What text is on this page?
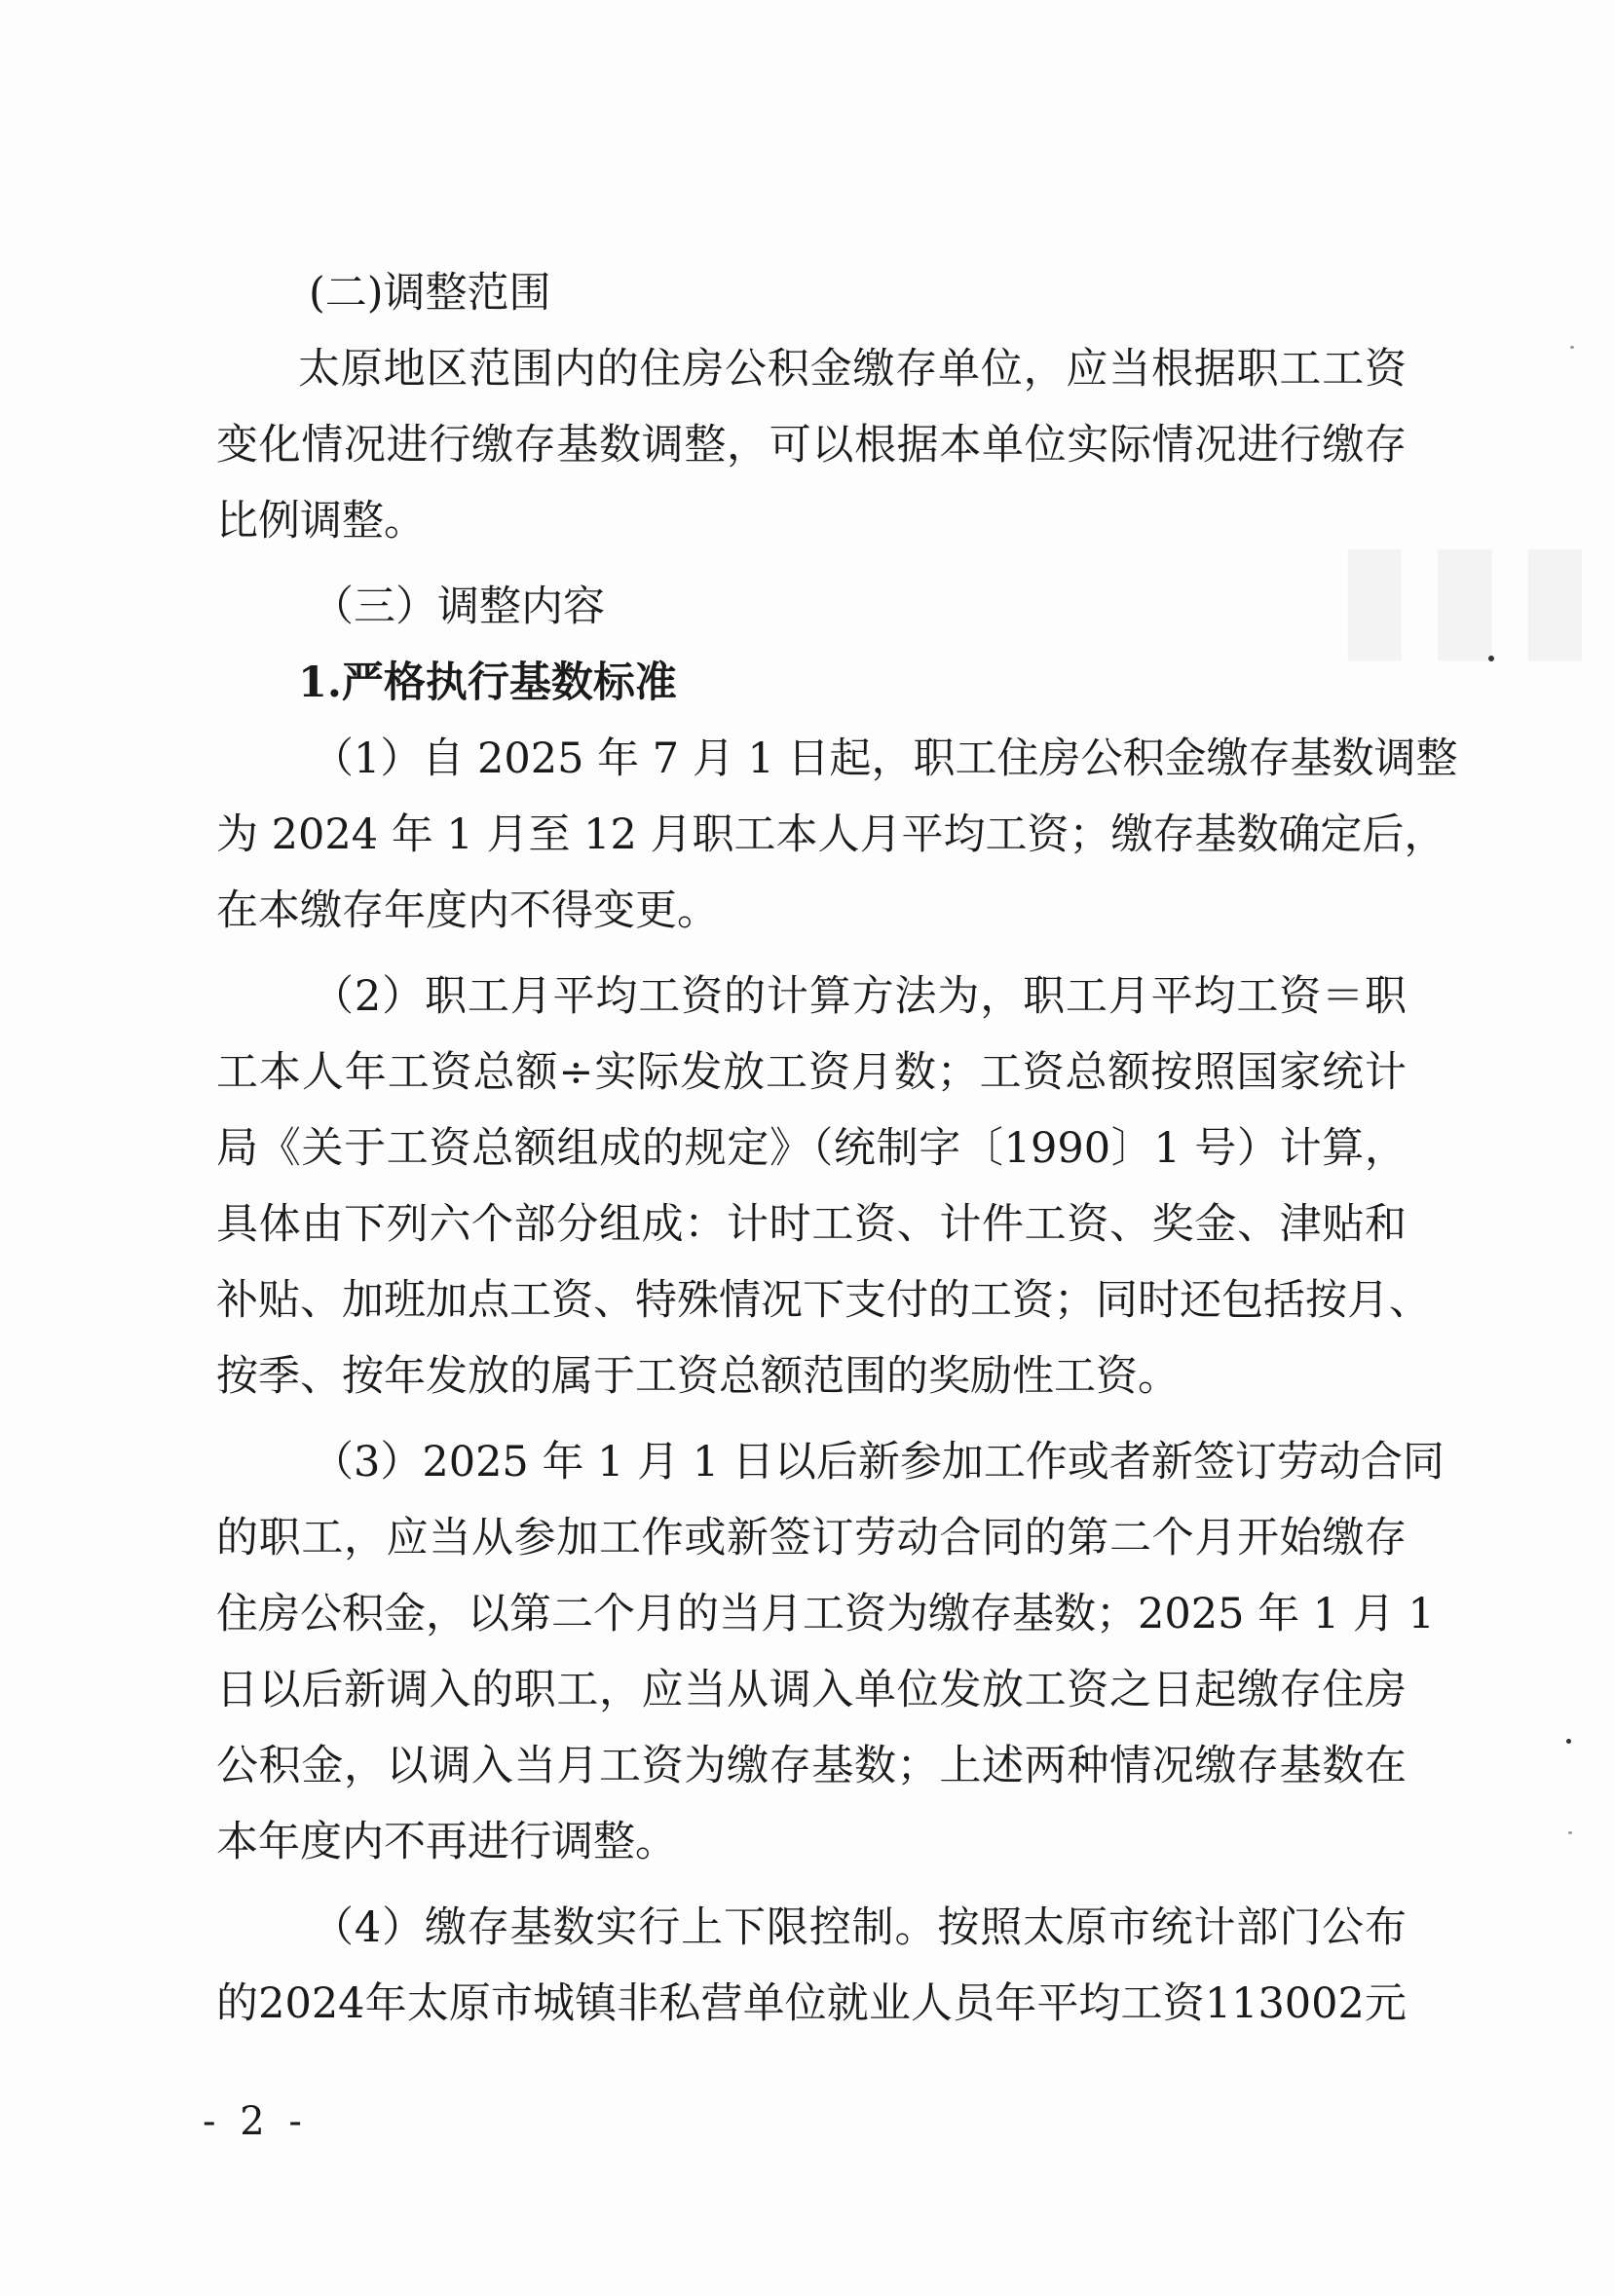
(二)调整范围
太原地区范围内的住房公积金缴存单位，应当根据职工工资
变化情况进行缴存基数调整，可以根据本单位实际情况进行缴存
比例调整。
（三）调整内容
1.严格执行基数标准
（1）自 2025 年 7 月 1 日起，职工住房公积金缴存基数调整
为 2024 年 1 月至 12 月职工本人月平均工资；缴存基数确定后，
在本缴存年度内不得变更。
（2）职工月平均工资的计算方法为，职工月平均工资＝职
工本人年工资总额÷实际发放工资月数；工资总额按照国家统计
局《关于工资总额组成的规定》（统制字〔1990〕1 号）计算，
具体由下列六个部分组成：计时工资、计件工资、奖金、津贴和
补贴、加班加点工资、特殊情况下支付的工资；同时还包括按月、
按季、按年发放的属于工资总额范围的奖励性工资。
（3）2025 年 1 月 1 日以后新参加工作或者新签订劳动合同
的职工，应当从参加工作或新签订劳动合同的第二个月开始缴存
住房公积金，以第二个月的当月工资为缴存基数；2025 年 1 月 1
日以后新调入的职工，应当从调入单位发放工资之日起缴存住房
公积金，以调入当月工资为缴存基数；上述两种情况缴存基数在
本年度内不再进行调整。
（4）缴存基数实行上下限控制。按照太原市统计部门公布
的2024年太原市城镇非私营单位就业人员年平均工资113002元
- 2 -
